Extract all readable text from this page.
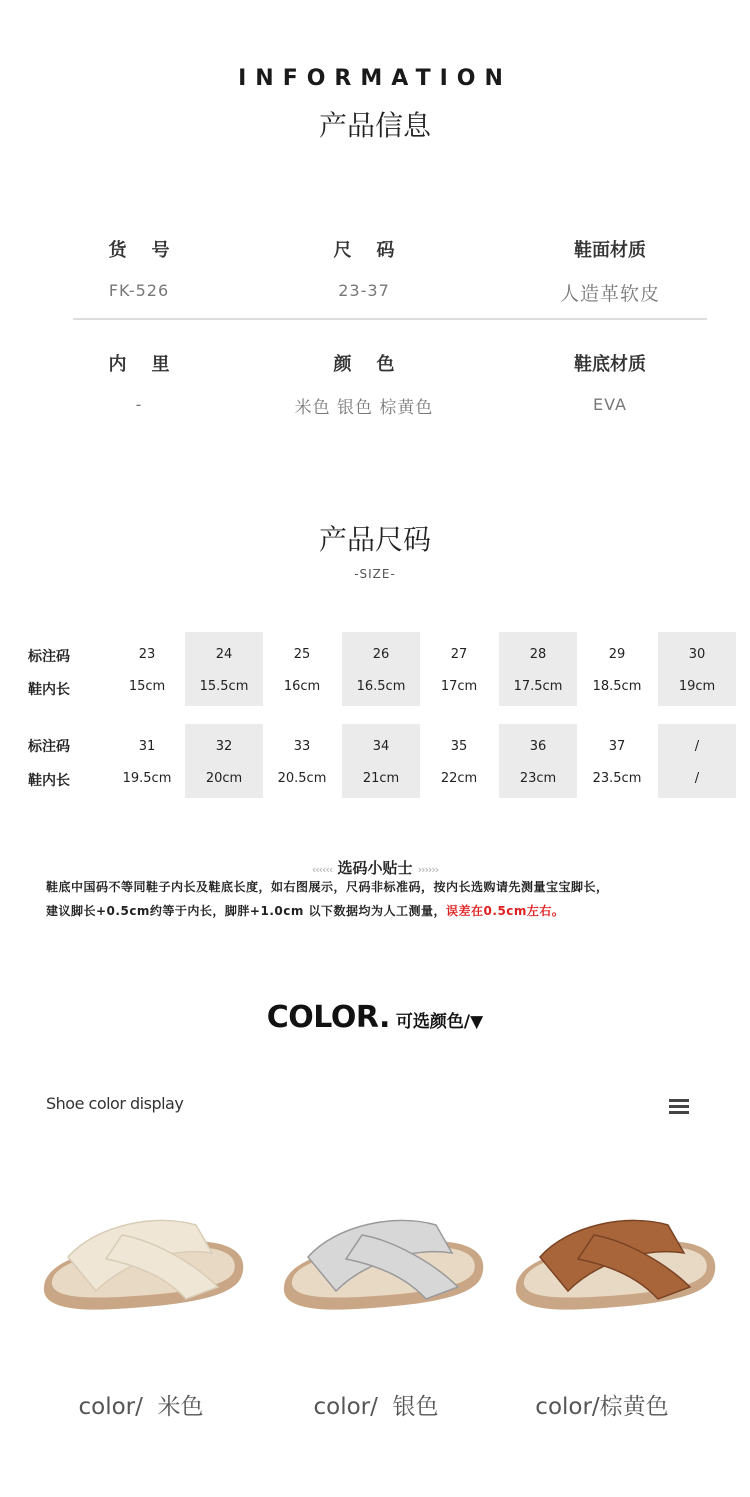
INFORMATION
产品信息
货    号
FK-526
尺    码
23-37
鞋面材质
人造革软皮
内    里
-
颜    色
米色 银色 棕黄色
鞋底材质
EVA
产品尺码
-SIZE-
标注码
鞋内长
23
15cm
24
15.5cm
25
16cm
26
16.5cm
27
17cm
28
17.5cm
29
18.5cm
30
19cm
标注码
鞋内长
31
19.5cm
32
20cm
33
20.5cm
34
21cm
35
22cm
36
23cm
37
23.5cm
/
/
‹‹‹‹‹‹ 选码小贴士 ››››››
鞋底中国码不等同鞋子内长及鞋底长度，如右图展示，尺码非标准码，按内长选购请先测量宝宝脚长，
建议脚长+0.5cm约等于内长，脚胖+1.0cm 以下数据均为人工测量，误差在0.5cm左右。
COLOR. 可选颜色/▼
Shoe color display
color/  米色	color/  银色	color/棕黄色
